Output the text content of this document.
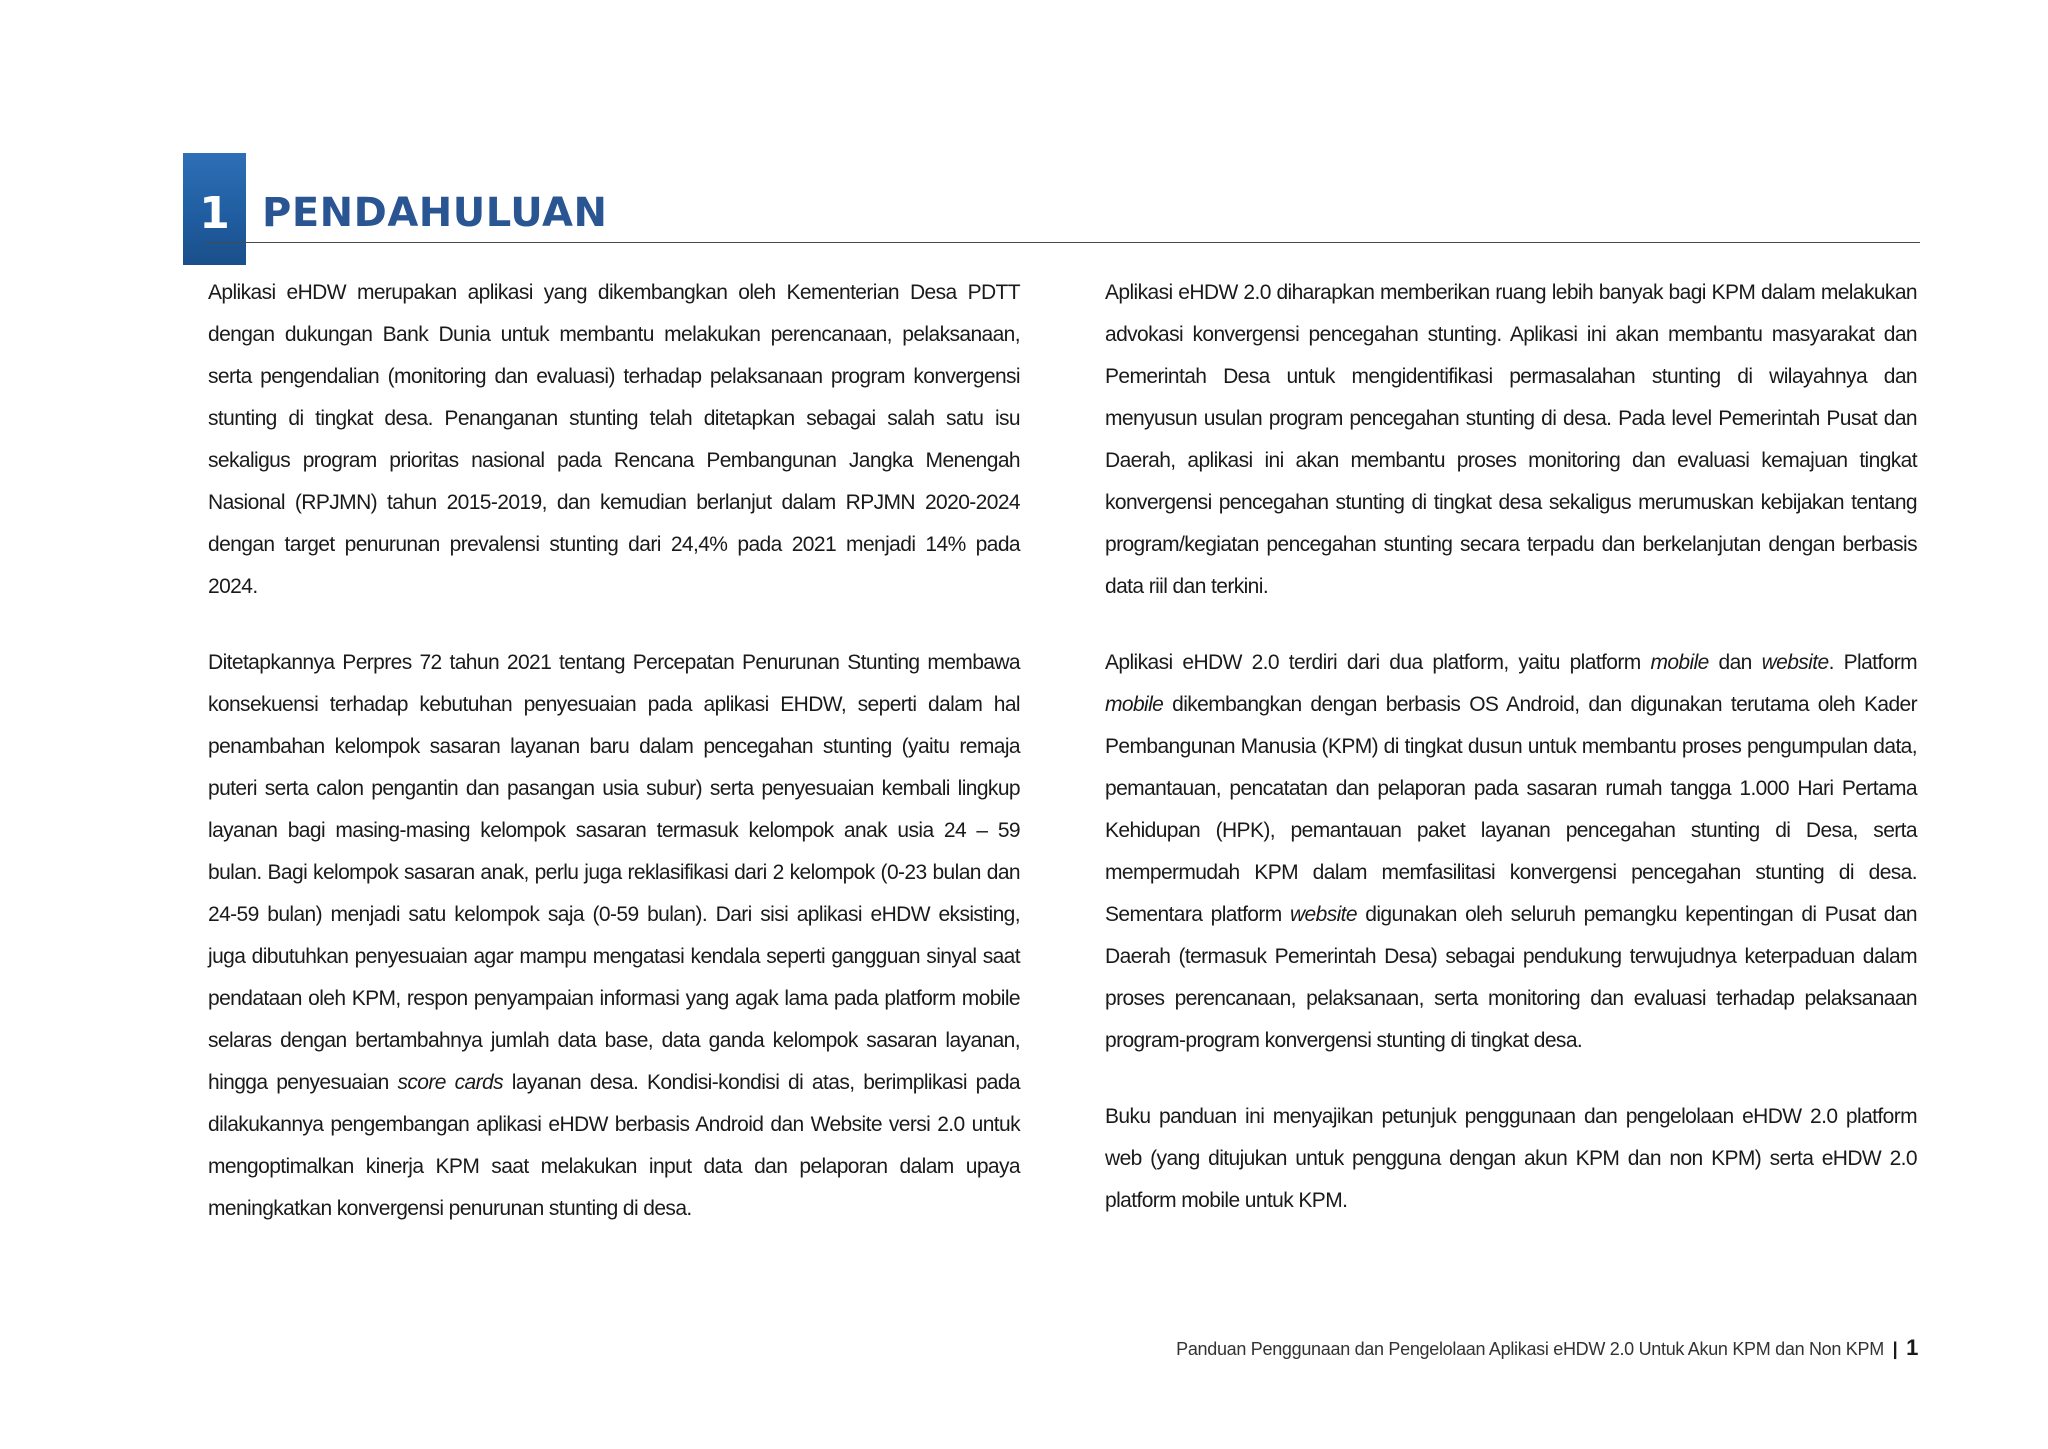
1 PENDAHULUAN

Aplikasi eHDW merupakan aplikasi yang dikembangkan oleh Kementerian Desa PDTT dengan dukungan Bank Dunia untuk membantu melakukan perencanaan, pelaksanaan, serta pengendalian (monitoring dan evaluasi) terhadap pelaksanaan program konvergensi stunting di tingkat desa. Penanganan stunting telah ditetapkan sebagai salah satu isu sekaligus program prioritas nasional pada Rencana Pembangunan Jangka Menengah Nasional (RPJMN) tahun 2015-2019, dan kemudian berlanjut dalam RPJMN 2020-2024 dengan target penurunan prevalensi stunting dari 24,4% pada 2021 menjadi 14% pada 2024.

Ditetapkannya Perpres 72 tahun 2021 tentang Percepatan Penurunan Stunting membawa konsekuensi terhadap kebutuhan penyesuaian pada aplikasi EHDW, seperti dalam hal penambahan kelompok sasaran layanan baru dalam pencegahan stunting (yaitu remaja puteri serta calon pengantin dan pasangan usia subur) serta penyesuaian kembali lingkup layanan bagi masing-masing kelompok sasaran termasuk kelompok anak usia 24 – 59 bulan. Bagi kelompok sasaran anak, perlu juga reklasifikasi dari 2 kelompok (0-23 bulan dan 24-59 bulan) menjadi satu kelompok saja (0-59 bulan). Dari sisi aplikasi eHDW eksisting, juga dibutuhkan penyesuaian agar mampu mengatasi kendala seperti gangguan sinyal saat pendataan oleh KPM, respon penyampaian informasi yang agak lama pada platform mobile selaras dengan bertambahnya jumlah data base, data ganda kelompok sasaran layanan, hingga penyesuaian score cards layanan desa. Kondisi-kondisi di atas, berimplikasi pada dilakukannya pengembangan aplikasi eHDW berbasis Android dan Website versi 2.0 untuk mengoptimalkan kinerja KPM saat melakukan input data dan pelaporan dalam upaya meningkatkan konvergensi penurunan stunting di desa.

Aplikasi eHDW 2.0 diharapkan memberikan ruang lebih banyak bagi KPM dalam melakukan advokasi konvergensi pencegahan stunting. Aplikasi ini akan membantu masyarakat dan Pemerintah Desa untuk mengidentifikasi permasalahan stunting di wilayahnya dan menyusun usulan program pencegahan stunting di desa. Pada level Pemerintah Pusat dan Daerah, aplikasi ini akan membantu proses monitoring dan evaluasi kemajuan tingkat konvergensi pencegahan stunting di tingkat desa sekaligus merumuskan kebijakan tentang program/kegiatan pencegahan stunting secara terpadu dan berkelanjutan dengan berbasis data riil dan terkini.

Aplikasi eHDW 2.0 terdiri dari dua platform, yaitu platform mobile dan website. Platform mobile dikembangkan dengan berbasis OS Android, dan digunakan terutama oleh Kader Pembangunan Manusia (KPM) di tingkat dusun untuk membantu proses pengumpulan data, pemantauan, pencatatan dan pelaporan pada sasaran rumah tangga 1.000 Hari Pertama Kehidupan (HPK), pemantauan paket layanan pencegahan stunting di Desa, serta mempermudah KPM dalam memfasilitasi konvergensi pencegahan stunting di desa. Sementara platform website digunakan oleh seluruh pemangku kepentingan di Pusat dan Daerah (termasuk Pemerintah Desa) sebagai pendukung terwujudnya keterpaduan dalam proses perencanaan, pelaksanaan, serta monitoring dan evaluasi terhadap pelaksanaan program-program konvergensi stunting di tingkat desa.

Buku panduan ini menyajikan petunjuk penggunaan dan pengelolaan eHDW 2.0 platform web (yang ditujukan untuk pengguna dengan akun KPM dan non KPM) serta eHDW 2.0 platform mobile untuk KPM.

Panduan Penggunaan dan Pengelolaan Aplikasi eHDW 2.0 Untuk Akun KPM dan Non KPM | 1
